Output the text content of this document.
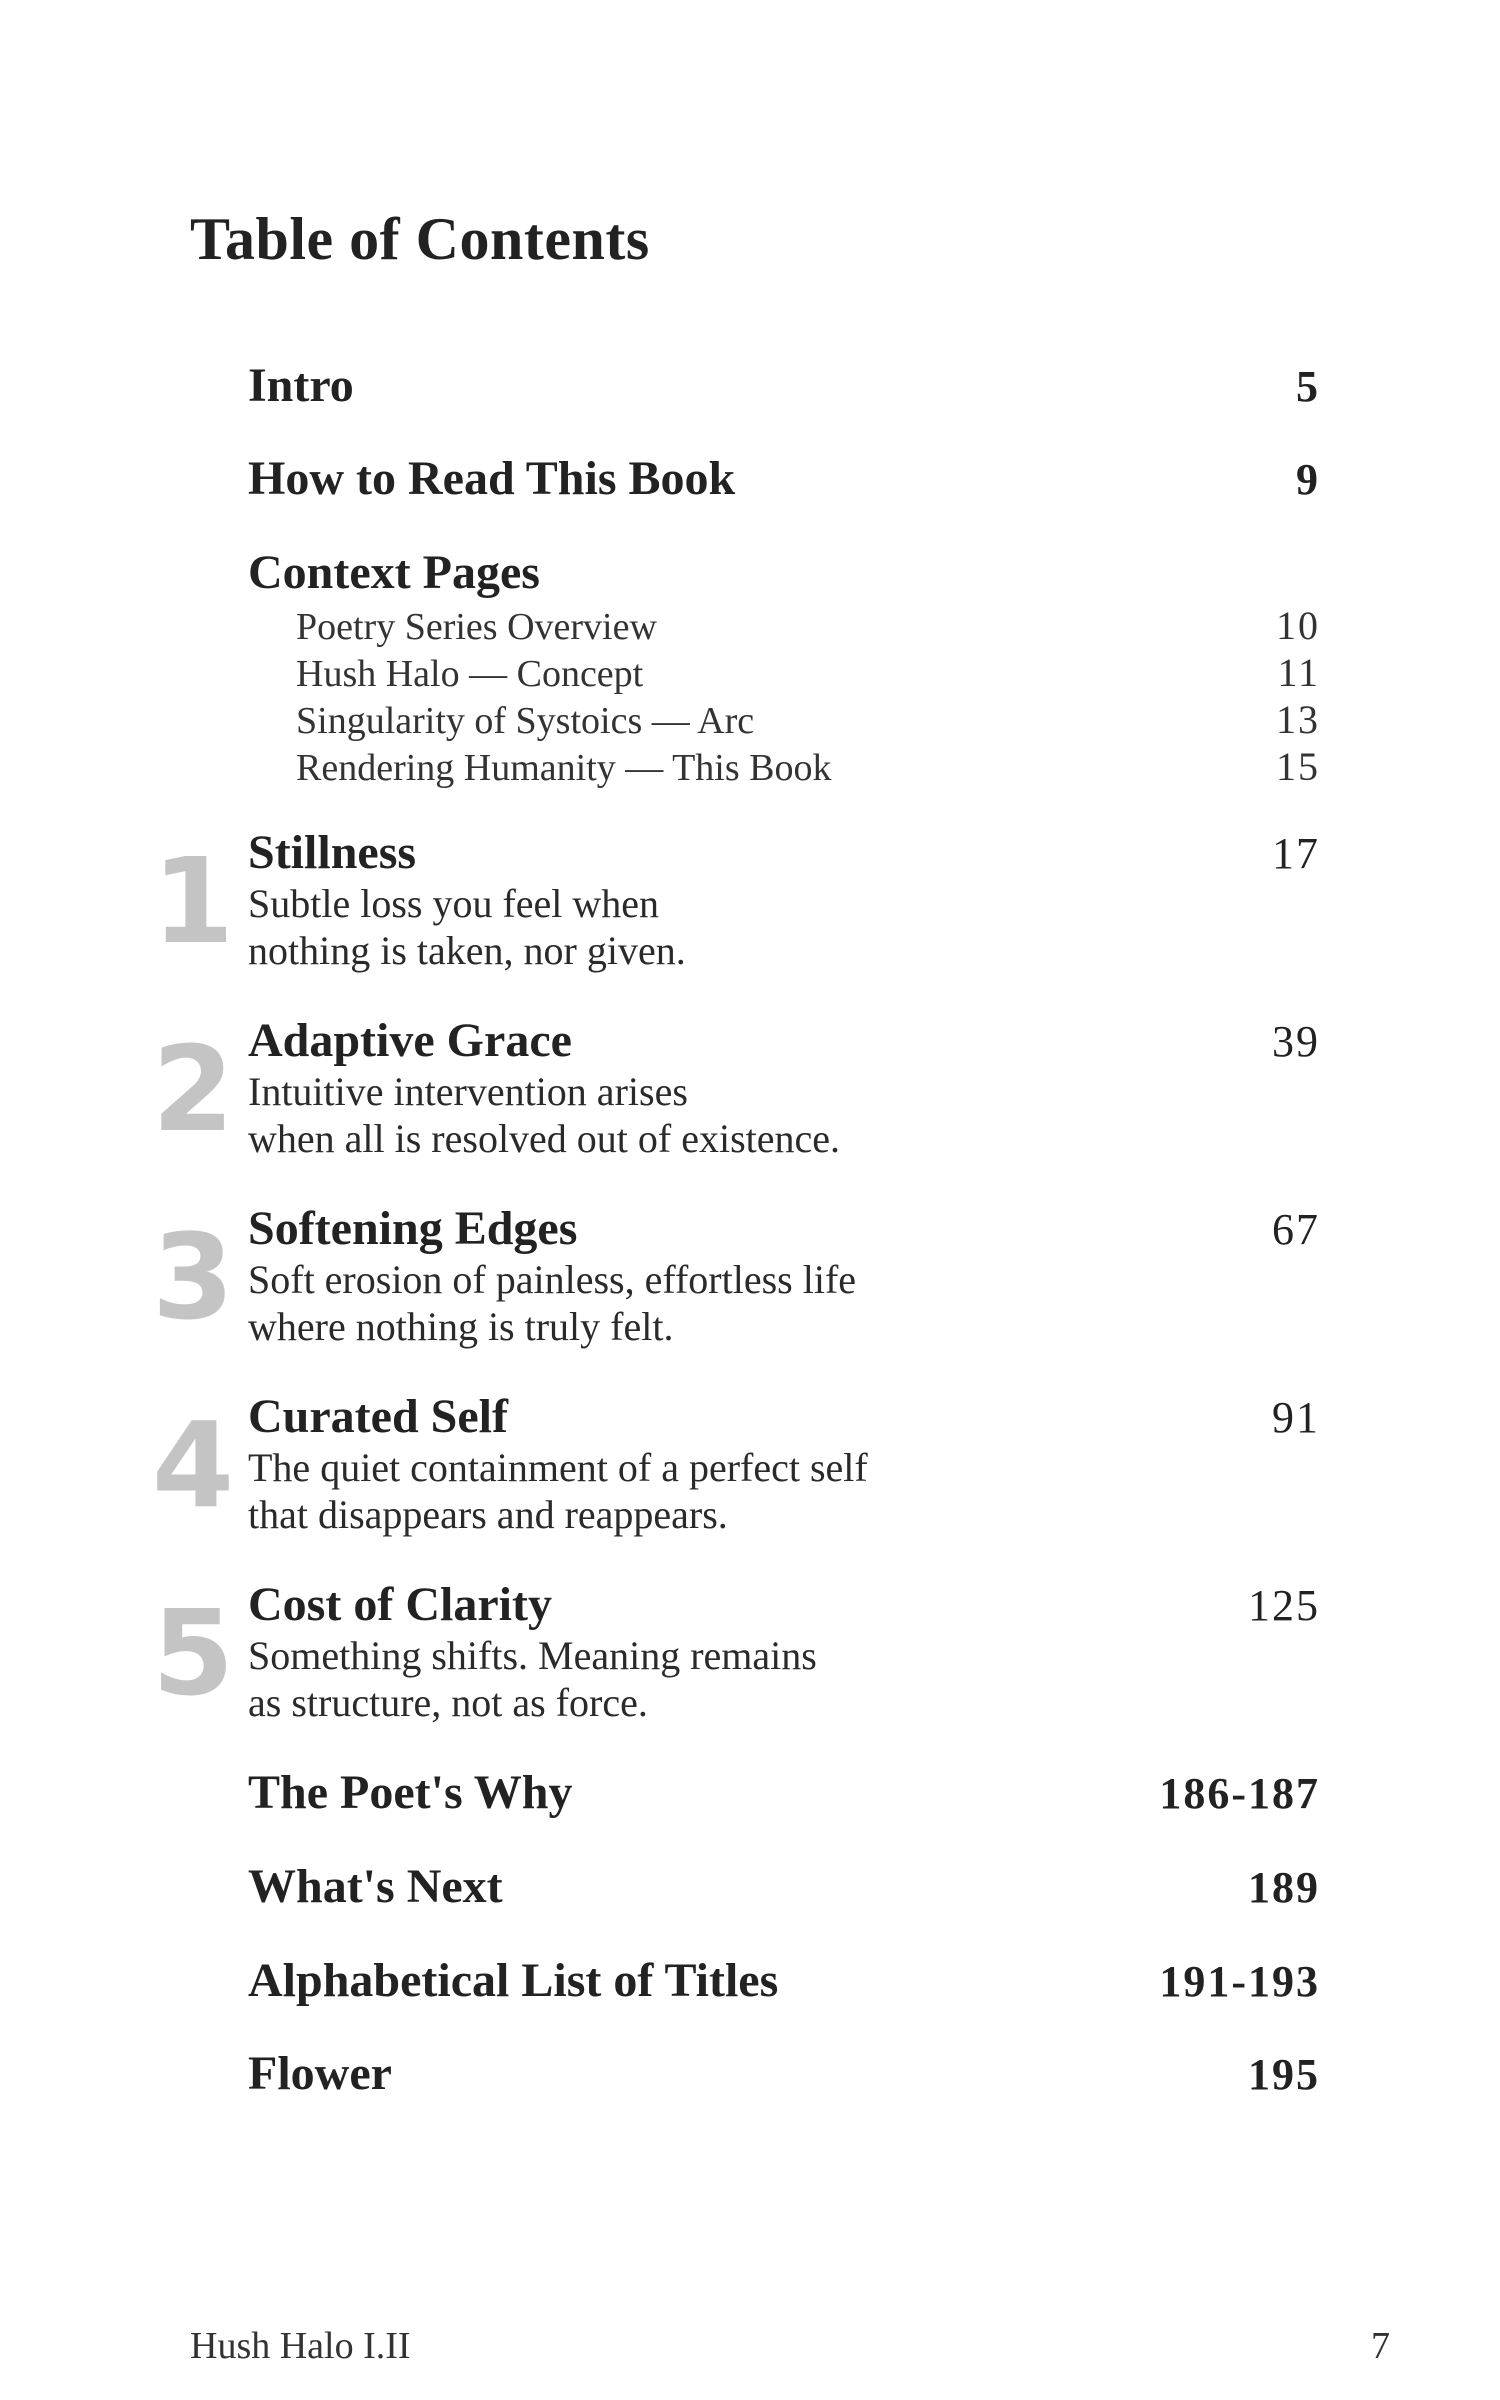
Table of Contents
Intro	5
How to Read This Book	9
Context Pages
Poetry Series Overview	10
Hush Halo — Concept	11
Singularity of Systoics — Arc	13
Rendering Humanity — This Book	15
1 Stillness	17
Subtle loss you feel when
nothing is taken, nor given.
2 Adaptive Grace	39
Intuitive intervention arises
when all is resolved out of existence.
3 Softening Edges	67
Soft erosion of painless, effortless life
where nothing is truly felt.
4 Curated Self	91
The quiet containment of a perfect self
that disappears and reappears.
5 Cost of Clarity	125
Something shifts. Meaning remains
as structure, not as force.
The Poet's Why	186-187
What's Next	189
Alphabetical List of Titles	191-193
Flower	195
Hush Halo I.II	7
